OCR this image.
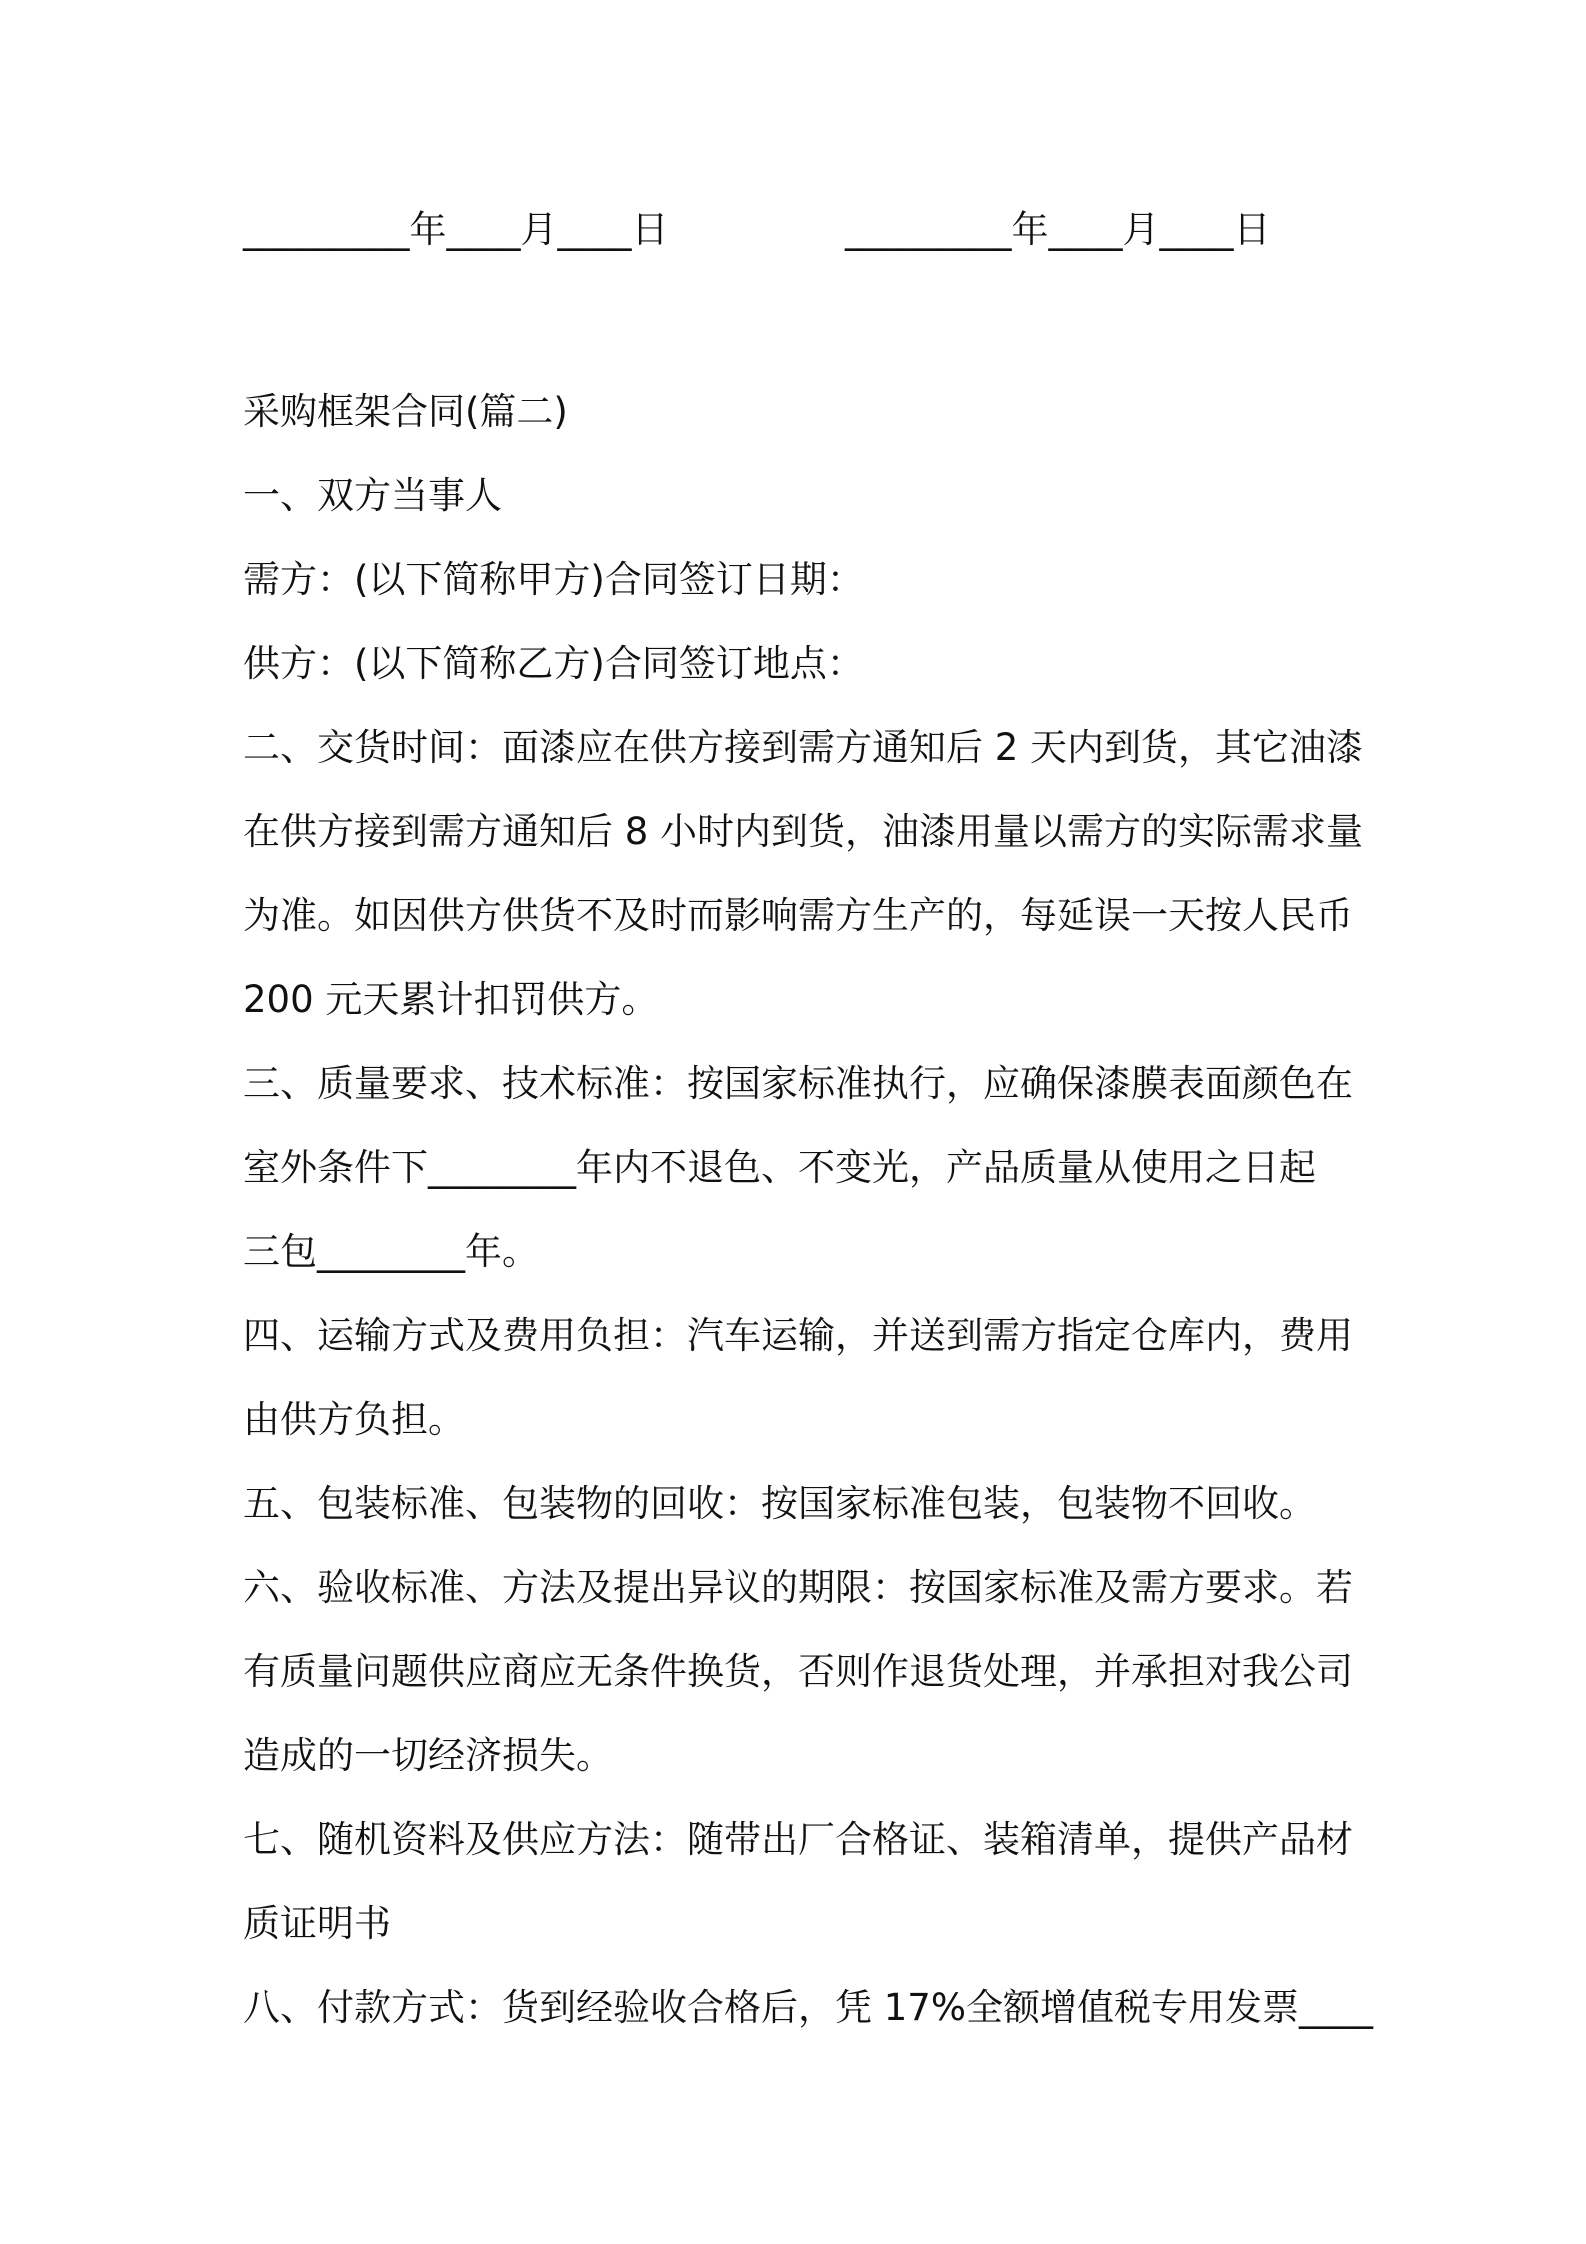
_________年____月____日	_________年____月____日
采购框架合同(篇二)
一、双方当事人
需方：(以下简称甲方)合同签订日期：
供方：(以下简称乙方)合同签订地点：
二、交货时间：面漆应在供方接到需方通知后 2 天内到货，其它油漆
在供方接到需方通知后 8 小时内到货，油漆用量以需方的实际需求量
为准。如因供方供货不及时而影响需方生产的，每延误一天按人民币
200 元天累计扣罚供方。
三、质量要求、技术标准：按国家标准执行，应确保漆膜表面颜色在
室外条件下________年内不退色、不变光，产品质量从使用之日起
三包________年。
四、运输方式及费用负担：汽车运输，并送到需方指定仓库内，费用
由供方负担。
五、包装标准、包装物的回收：按国家标准包装，包装物不回收。
六、验收标准、方法及提出异议的期限：按国家标准及需方要求。若
有质量问题供应商应无条件换货，否则作退货处理，并承担对我公司
造成的一切经济损失。
七、随机资料及供应方法：随带出厂合格证、装箱清单，提供产品材
质证明书
八、付款方式：货到经验收合格后，凭 17%全额增值税专用发票____
